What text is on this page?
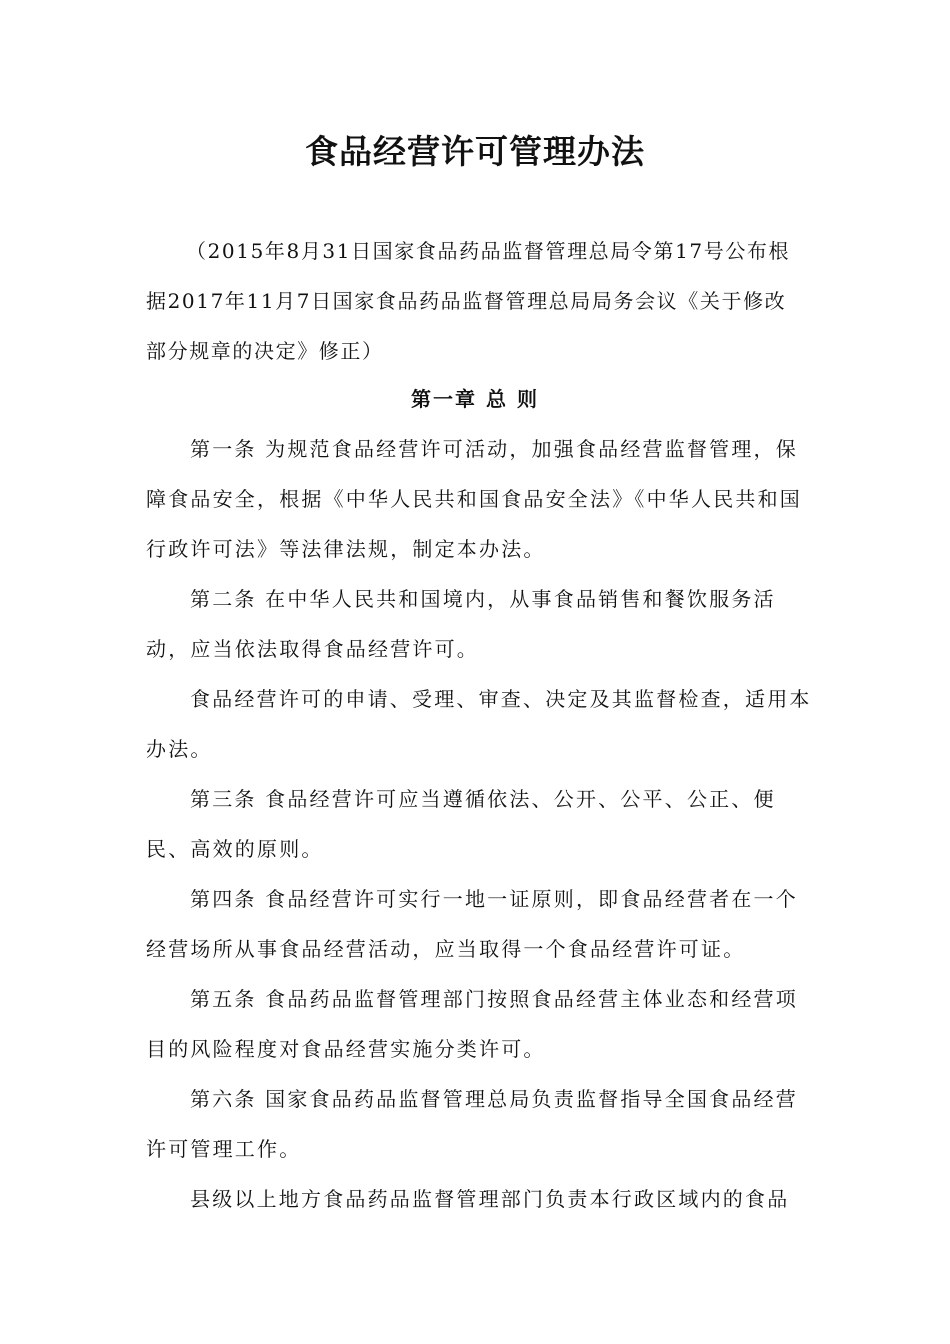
食品经营许可管理办法

（2015年8月31日国家食品药品监督管理总局令第17号公布根据2017年11月7日国家食品药品监督管理总局局务会议《关于修改部分规章的决定》修正）

第一章 总 则

第一条 为规范食品经营许可活动，加强食品经营监督管理，保障食品安全，根据《中华人民共和国食品安全法》《中华人民共和国行政许可法》等法律法规，制定本办法。

第二条 在中华人民共和国境内，从事食品销售和餐饮服务活动，应当依法取得食品经营许可。

食品经营许可的申请、受理、审查、决定及其监督检查，适用本办法。

第三条 食品经营许可应当遵循依法、公开、公平、公正、便民、高效的原则。

第四条 食品经营许可实行一地一证原则，即食品经营者在一个经营场所从事食品经营活动，应当取得一个食品经营许可证。

第五条 食品药品监督管理部门按照食品经营主体业态和经营项目的风险程度对食品经营实施分类许可。

第六条 国家食品药品监督管理总局负责监督指导全国食品经营许可管理工作。

县级以上地方食品药品监督管理部门负责本行政区域内的食品
